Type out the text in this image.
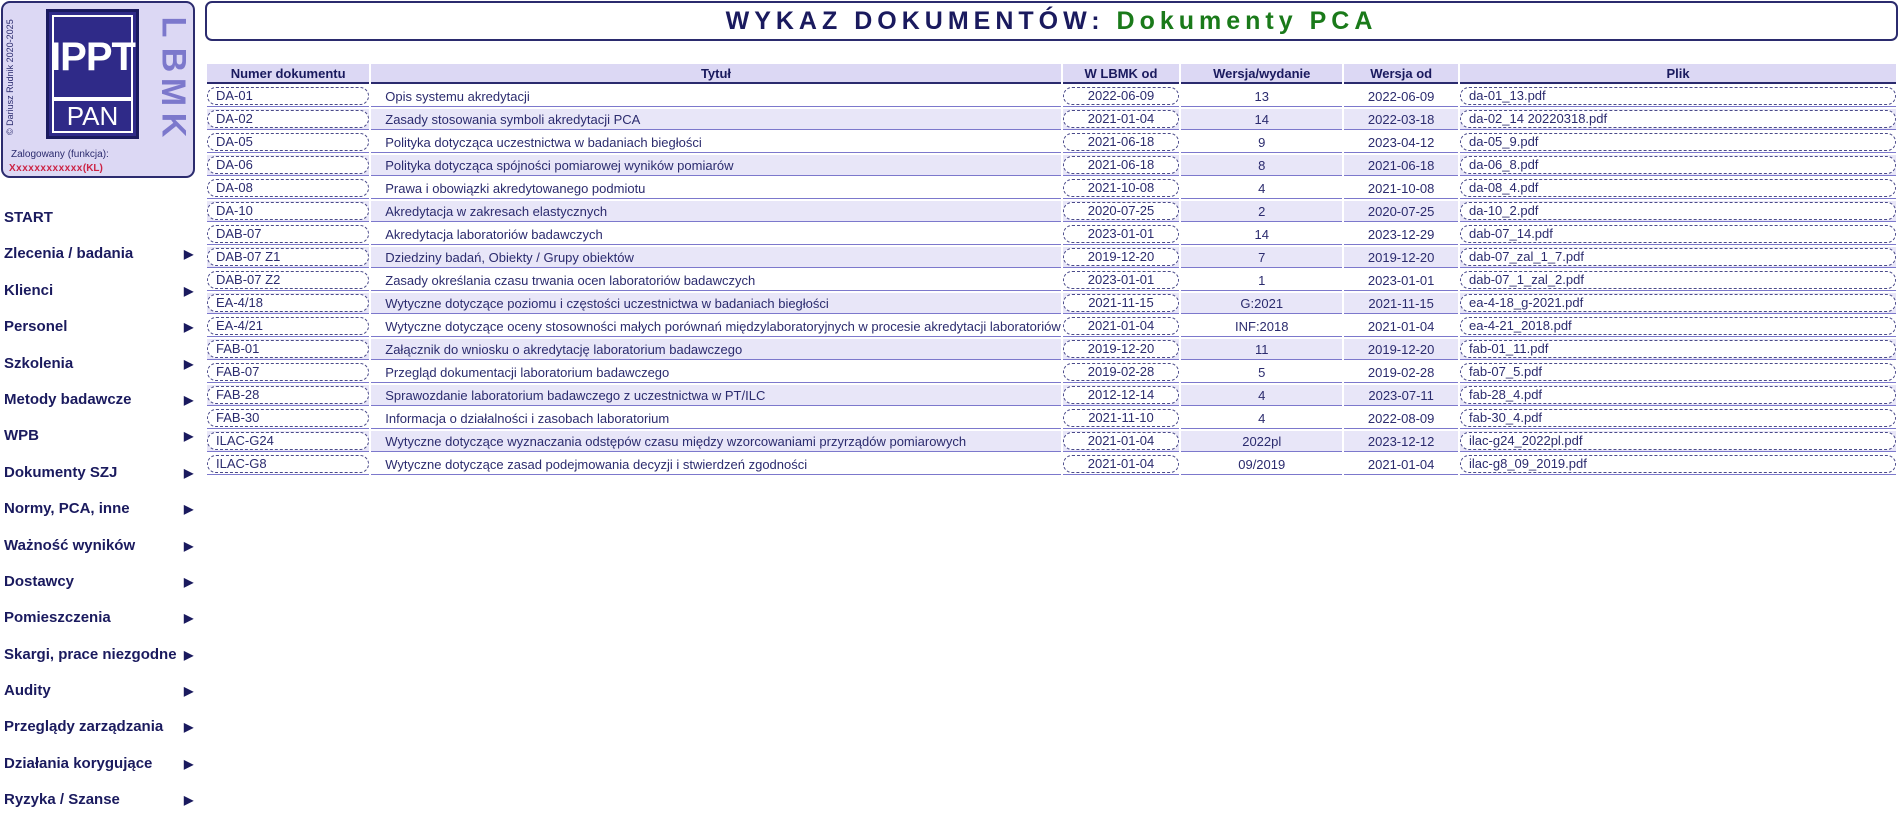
© Dariusz Rudnik 2020-2025 IPPT
PAN
L
B
M
K
Zalogowany (funkcja):
Xxxxxxxxxxxx(KL)
START
Zlecenia / badania	▶
Klienci	▶
Personel	▶
Szkolenia	▶
Metody badawcze	▶
WPB	▶
Dokumenty SZJ	▶
Normy, PCA, inne	▶
Ważność wyników	▶
Dostawcy	▶
Pomieszczenia	▶
Skargi, prace niezgodne ▶
Audity	▶
Przeglądy zarządzania ▶
Działania korygujące	▶
Ryzyka / Szanse	▶
WYKAZ DOKUMENTÓW: Dokumenty PCA
Numer dokumentu	Tytuł	W LBMK od	Wersja/wydanie	Wersja od	Plik

DA-01	Opis systemu akredytacji	2022-06-09	13	2022-06-09	da-01_13.pdf

DA-02	Zasady stosowania symboli akredytacji PCA	2021-01-04	14	2022-03-18	da-02_14 20220318.pdf

DA-05	Polityka dotycząca uczestnictwa w badaniach biegłości	2021-06-18	9	2023-04-12	da-05_9.pdf

DA-06	Polityka dotycząca spójności pomiarowej wyników pomiarów	2021-06-18	8	2021-06-18	da-06_8.pdf

DA-08	Prawa i obowiązki akredytowanego podmiotu	2021-10-08	4	2021-10-08	da-08_4.pdf

DA-10	Akredytacja w zakresach elastycznych	2020-07-25	2	2020-07-25	da-10_2.pdf

DAB-07	Akredytacja laboratoriów badawczych	2023-01-01	14	2023-12-29	dab-07_14.pdf

DAB-07 Z1	Dziedziny badań, Obiekty / Grupy obiektów	2019-12-20	7	2019-12-20	dab-07_zal_1_7.pdf

DAB-07 Z2	Zasady określania czasu trwania ocen laboratoriów badawczych	2023-01-01	1	2023-01-01	dab-07_1_zal_2.pdf

EA-4/18	Wytyczne dotyczące poziomu i częstości uczestnictwa w badaniach biegłości	2021-11-15	G:2021	2021-11-15	ea-4-18_g-2021.pdf

EA-4/21	Wytyczne dotyczące oceny stosowności małych porównań międzylaboratoryjnych w procesie akredytacji laboratoriów	2021-01-04	INF:2018	2021-01-04	ea-4-21_2018.pdf

FAB-01	Załącznik do wniosku o akredytację laboratorium badawczego	2019-12-20	11	2019-12-20	fab-01_11.pdf

FAB-07	Przegląd dokumentacji laboratorium badawczego	2019-02-28	5	2019-02-28	fab-07_5.pdf

FAB-28	Sprawozdanie laboratorium badawczego z uczestnictwa w PT/ILC	2012-12-14	4	2023-07-11	fab-28_4.pdf

FAB-30	Informacja o działalności i zasobach laboratorium	2021-11-10	4	2022-08-09	fab-30_4.pdf

ILAC-G24	Wytyczne dotyczące wyznaczania odstępów czasu między wzorcowaniami przyrządów pomiarowych	2021-01-04	2022pl	2023-12-12	ilac-g24_2022pl.pdf

ILAC-G8	Wytyczne dotyczące zasad podejmowania decyzji i stwierdzeń zgodności	2021-01-04	09/2019	2021-01-04	ilac-g8_09_2019.pdf
